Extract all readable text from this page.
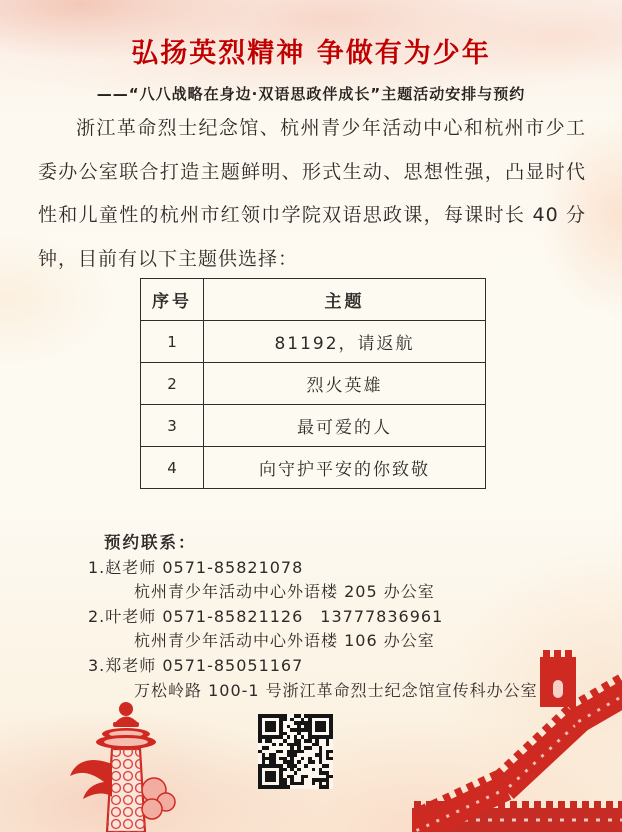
弘扬英烈精神 争做有为少年
——“八八战略在身边·双语思政伴成长”主题活动安排与预约
浙江革命烈士纪念馆、杭州青少年活动中心和杭州市少工委办公室联合打造主题鲜明、形式生动、思想性强，凸显时代性和儿童性的杭州市红领巾学院双语思政课，每课时长 40 分钟，目前有以下主题供选择：
序号	主题
1	81192，请返航
2	烈火英雄
3	最可爱的人
4	向守护平安的你致敬
预约联系：
1.赵老师 0571-85821078
杭州青少年活动中心外语楼 205 办公室
2.叶老师 0571-85821126　13777836961
杭州青少年活动中心外语楼 106 办公室
3.郑老师 0571-85051167
万松岭路 100-1 号浙江革命烈士纪念馆宣传科办公室
